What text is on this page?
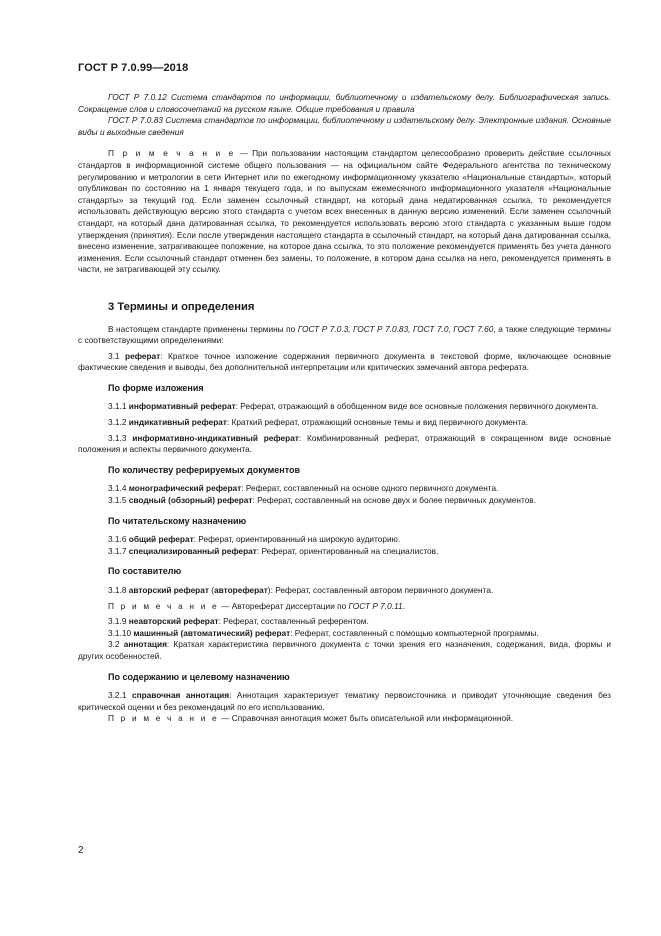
ГОСТ Р 7.0.99—2018

ГОСТ Р 7.0.12 Система стандартов по информации, библиотечному и издательскому делу. Библиографическая запись. Сокращение слов и словосочетаний на русском языке. Общие требования и правила

ГОСТ Р 7.0.83 Система стандартов по информации, библиотечному и издательскому делу. Электронные издания. Основные виды и выходные сведения

П р и м е ч а н и е — При пользовании настоящим стандартом целесообразно проверить действие ссылочных стандартов в информационной системе общего пользования — на официальном сайте Федерального агентства по техническому регулированию и метрологии в сети Интернет или по ежегодному информационному указателю «Национальные стандарты», который опубликован по состоянию на 1 января текущего года, и по выпускам ежемесячного информационного указателя «Национальные стандарты» за текущий год. Если заменен ссылочный стандарт, на который дана недатированная ссылка, то рекомендуется использовать действующую версию этого стандарта с учетом всех внесенных в данную версию изменений. Если заменен ссылочный стандарт, на который дана датированная ссылка, то рекомендуется использовать версию этого стандарта с указанным выше годом утверждения (принятия). Если после утверждения настоящего стандарта в ссылочный стандарт, на который дана датированная ссылка, внесено изменение, затрагивающее положение, на которое дана ссылка, то это положение рекомендуется применять без учета данного изменения. Если ссылочный стандарт отменен без замены, то положение, в котором дана ссылка на него, рекомендуется применять в части, не затрагивающей эту ссылку.

3 Термины и определения

В настоящем стандарте применены термины по ГОСТ Р 7.0.3, ГОСТ Р 7.0.83, ГОСТ 7.0, ГОСТ 7.60, а также следующие термины с соответствующими определениями:

3.1 реферат: Краткое точное изложение содержания первичного документа в текстовой форме, включающее основные фактические сведения и выводы, без дополнительной интерпретации или критических замечаний автора реферата.

По форме изложения

3.1.1 информативный реферат: Реферат, отражающий в обобщенном виде все основные положения первичного документа.

3.1.2 индикативный реферат: Краткий реферат, отражающий основные темы и вид первичного документа.

3.1.3 информативно-индикативный реферат: Комбинированный реферат, отражающий в сокращенном виде основные положения и аспекты первичного документа.

По количеству реферируемых документов

3.1.4 монографический реферат: Реферат, составленный на основе одного первичного документа.

3.1.5 сводный (обзорный) реферат: Реферат, составленный на основе двух и более первичных документов.

По читательскому назначению

3.1.6 общий реферат: Реферат, ориентированный на широкую аудиторию.

3.1.7 специализированный реферат: Реферат, ориентированный на специалистов.

По составителю

3.1.8 авторский реферат (автореферат): Реферат, составленный автором первичного документа.

П р и м е ч а н и е — Автореферат диссертации по ГОСТ Р 7.0.11.

3.1.9 неавторский реферат: Реферат, составленный референтом.

3.1.10 машинный (автоматический) реферат: Реферат, составленный с помощью компьютерной программы.

3.2 аннотация: Краткая характеристика первичного документа с точки зрения его назначения, содержания, вида, формы и других особенностей.

По содержанию и целевому назначению

3.2.1 справочная аннотация: Аннотация характеризует тематику первоисточника и приводит уточняющие сведения без критической оценки и без рекомендаций по его использованию.

П р и м е ч а н и е — Справочная аннотация может быть описательной или информационной.

2
